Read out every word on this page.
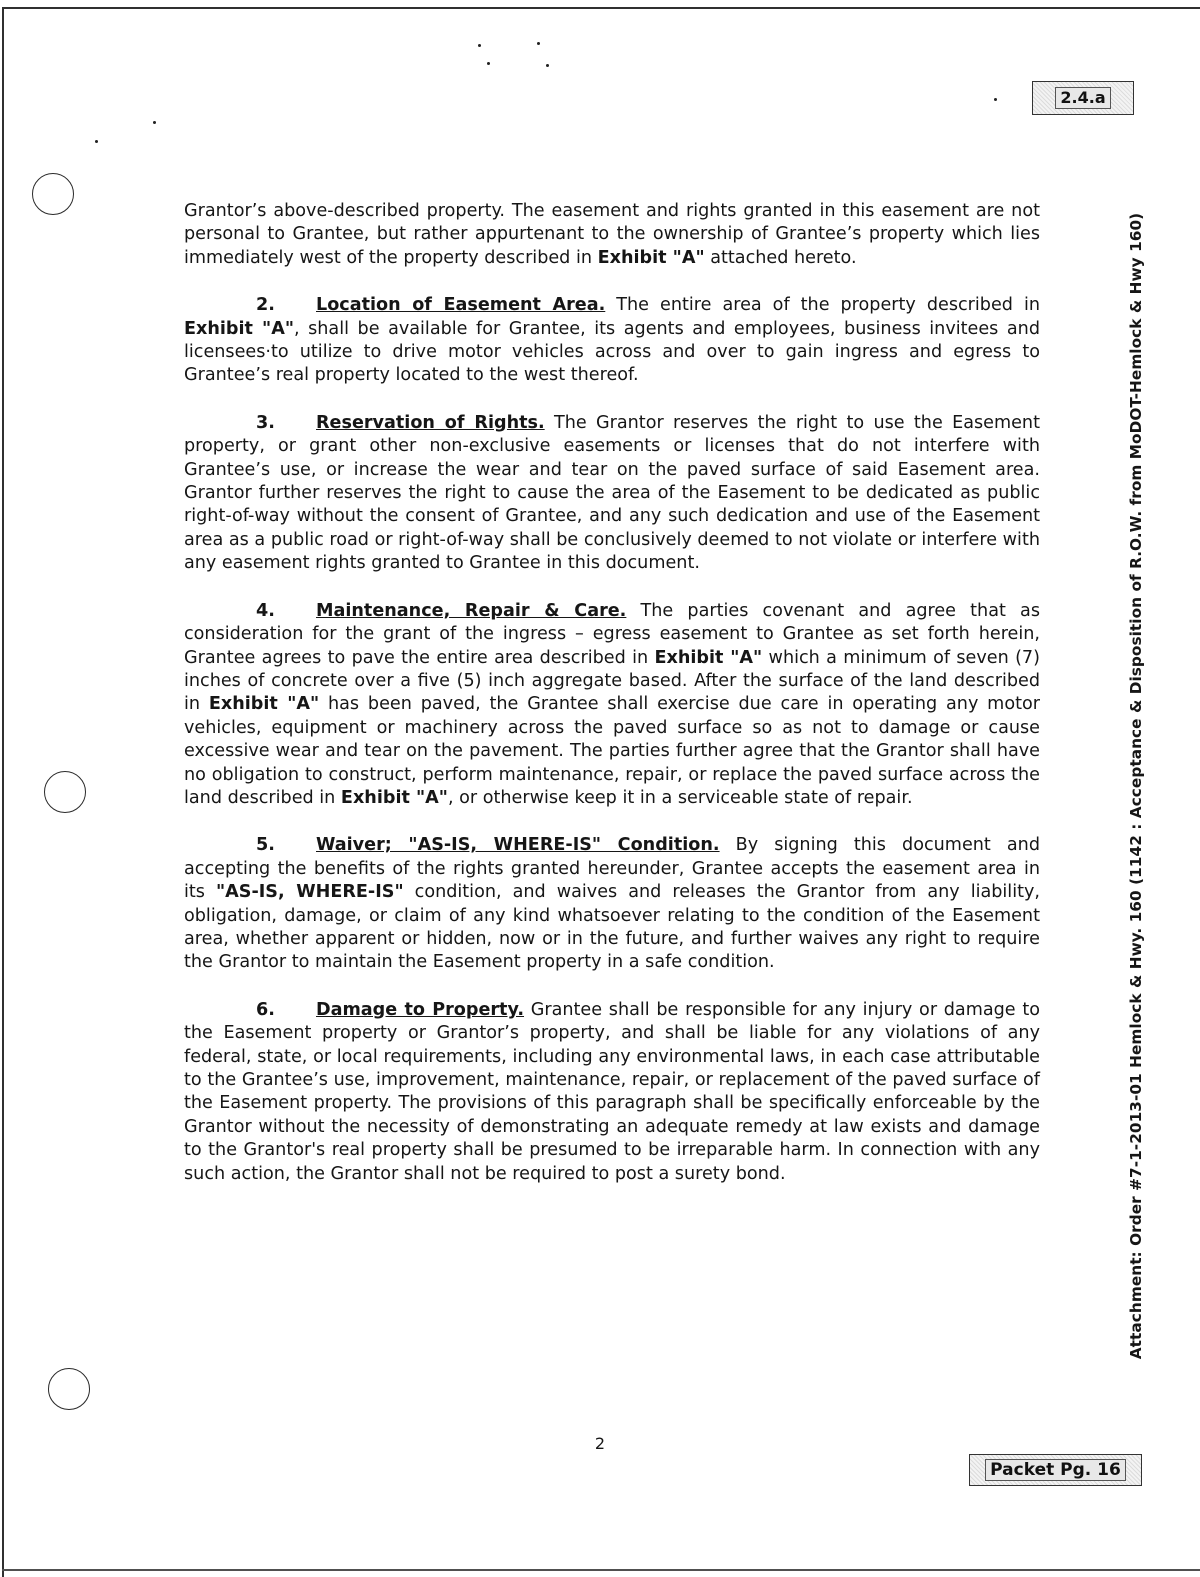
2.4.a
Packet Pg. 16
Attachment: Order #7-1-2013-01 Hemlock & Hwy. 160 (1142 : Acceptance & Disposition of R.O.W. from MoDOT-Hemlock & Hwy 160)

Grantor’s above-described property. The easement and rights granted in this easement are not personal to Grantee, but rather appurtenant to the ownership of Grantee’s property which lies immediately west of the property described in Exhibit "A" attached hereto.

2. Location of Easement Area. The entire area of the property described in Exhibit "A", shall be available for Grantee, its agents and employees, business invitees and licensees·to utilize to drive motor vehicles across and over to gain ingress and egress to Grantee’s real property located to the west thereof.

3. Reservation of Rights. The Grantor reserves the right to use the Easement property, or grant other non-exclusive easements or licenses that do not interfere with Grantee’s use, or increase the wear and tear on the paved surface of said Easement area. Grantor further reserves the right to cause the area of the Easement to be dedicated as public right-of-way without the consent of Grantee, and any such dedication and use of the Easement area as a public road or right-of-way shall be conclusively deemed to not violate or interfere with any easement rights granted to Grantee in this document.

4. Maintenance, Repair & Care. The parties covenant and agree that as consideration for the grant of the ingress – egress easement to Grantee as set forth herein, Grantee agrees to pave the entire area described in Exhibit "A" which a minimum of seven (7) inches of concrete over a five (5) inch aggregate based. After the surface of the land described in Exhibit "A" has been paved, the Grantee shall exercise due care in operating any motor vehicles, equipment or machinery across the paved surface so as not to damage or cause excessive wear and tear on the pavement. The parties further agree that the Grantor shall have no obligation to construct, perform maintenance, repair, or replace the paved surface across the land described in Exhibit "A", or otherwise keep it in a serviceable state of repair.

5. Waiver; "AS-IS, WHERE-IS" Condition. By signing this document and accepting the benefits of the rights granted hereunder, Grantee accepts the easement area in its "AS-IS, WHERE-IS" condition, and waives and releases the Grantor from any liability, obligation, damage, or claim of any kind whatsoever relating to the condition of the Easement area, whether apparent or hidden, now or in the future, and further waives any right to require the Grantor to maintain the Easement property in a safe condition.

6. Damage to Property. Grantee shall be responsible for any injury or damage to the Easement property or Grantor’s property, and shall be liable for any violations of any federal, state, or local requirements, including any environmental laws, in each case attributable to the Grantee’s use, improvement, maintenance, repair, or replacement of the paved surface of the Easement property. The provisions of this paragraph shall be specifically enforceable by the Grantor without the necessity of demonstrating an adequate remedy at law exists and damage to the Grantor's real property shall be presumed to be irreparable harm. In connection with any such action, the Grantor shall not be required to post a surety bond.

2
